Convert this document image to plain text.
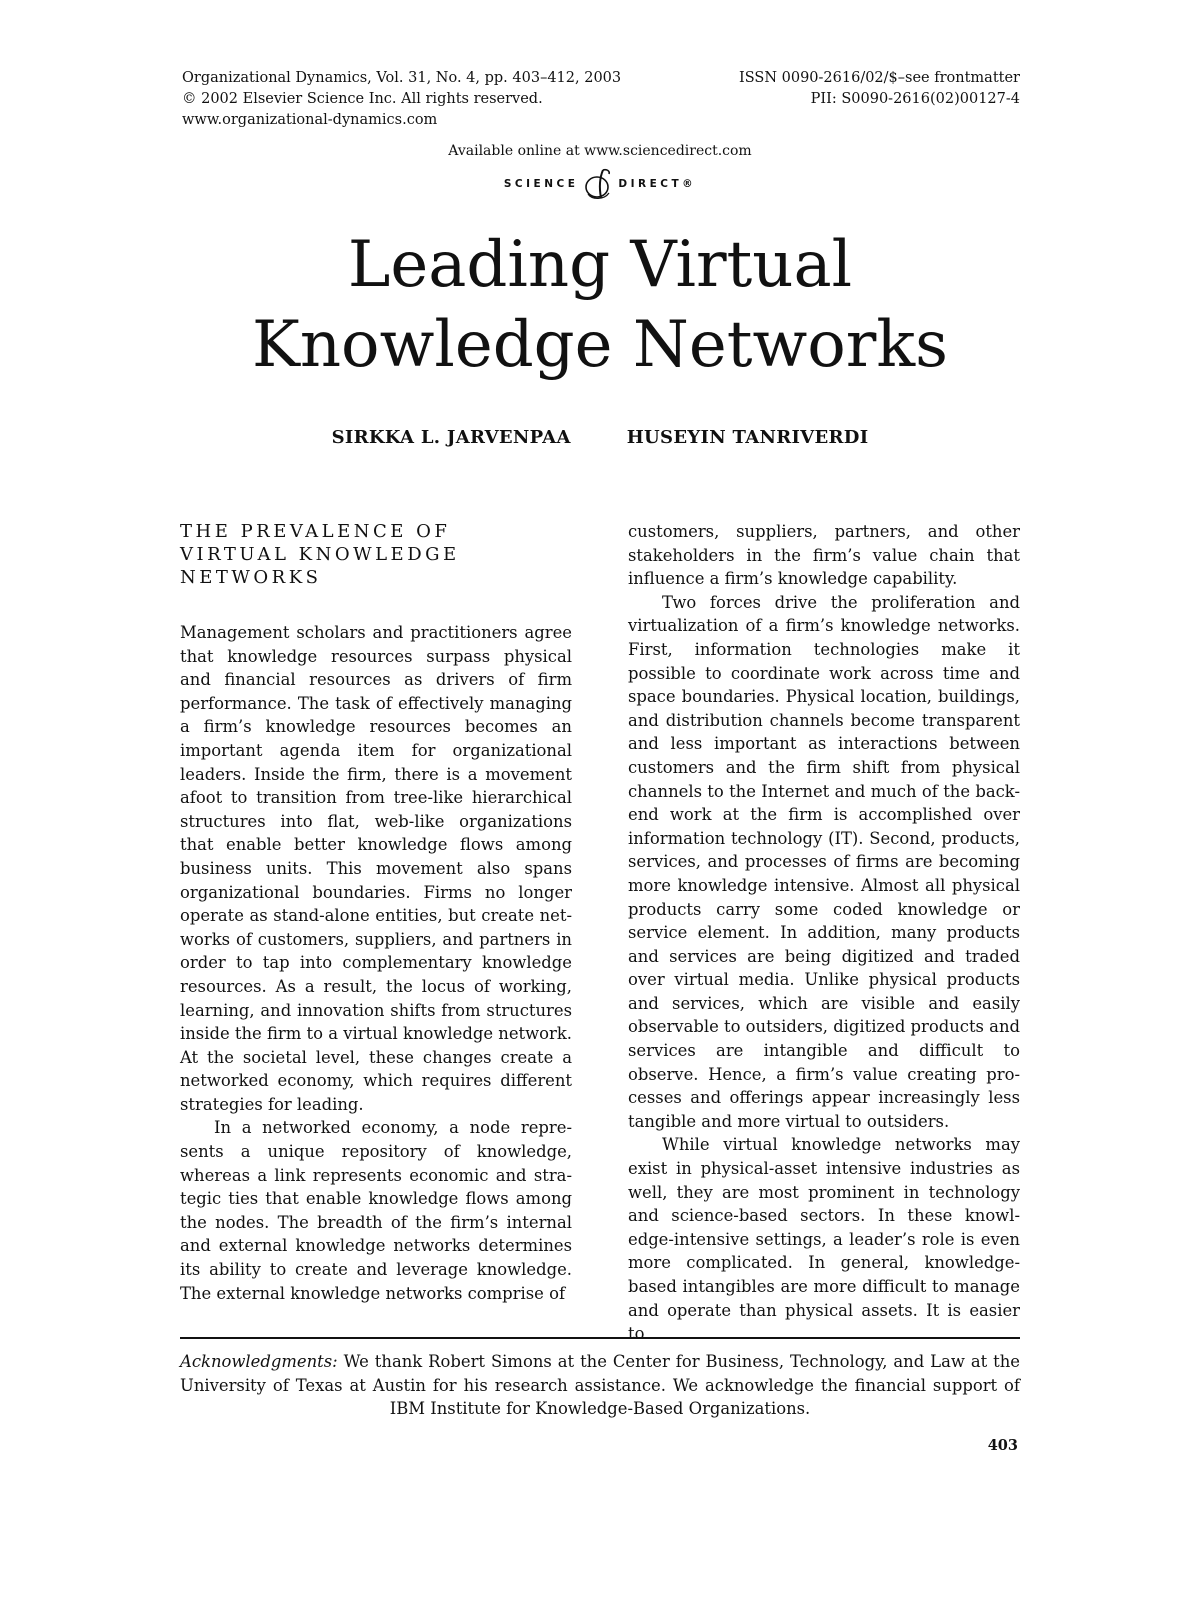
Organizational Dynamics, Vol. 31, No. 4, pp. 403–412, 2003
© 2002 Elsevier Science Inc. All rights reserved.
www.organizational-dynamics.com
ISSN 0090-2616/02/$–see frontmatter
PII: S0090-2616(02)00127-4
Available online at www.sciencedirect.com
SCIENCE	DIRECT®
Leading Virtual
Knowledge Networks
SIRKKA L. JARVENPAA	HUSEYIN TANRIVERDI
THE PREVALENCE OF VIRTUAL KNOWLEDGE NETWORKS

Management scholars and practitioners agree that knowledge resources surpass physical and financial resources as drivers of firm performance. The task of effectively managing a firm’s knowledge resources becomes an important agenda item for organizational leaders. Inside the firm, there is a movement afoot to transition from tree-like hierarchical structures into flat, web-like organizations that enable better knowledge flows among business units. This movement also spans organizational boundaries. Firms no longer operate as stand-alone entities, but create networks of customers, suppliers, and partners in order to tap into complementary knowledge resources. As a result, the locus of working, learning, and innovation shifts from structures inside the firm to a virtual knowledge network. At the societal level, these changes create a networked economy, which requires different strategies for leading.

In a networked economy, a node represents a unique repository of knowledge, whereas a link represents economic and strategic ties that enable knowledge flows among the nodes. The breadth of the firm’s internal and external knowledge networks determines its ability to create and leverage knowledge. The external knowledge networks comprise of

customers, suppliers, partners, and other stakeholders in the firm’s value chain that influence a firm’s knowledge capability.

Two forces drive the proliferation and virtualization of a firm’s knowledge networks. First, information technologies make it possible to coordinate work across time and space boundaries. Physical location, buildings, and distribution channels become transparent and less important as interactions between customers and the firm shift from physical channels to the Internet and much of the back-end work at the firm is accomplished over information technology (IT). Second, products, services, and processes of firms are becoming more knowledge intensive. Almost all physical products carry some coded knowledge or service element. In addition, many products and services are being digitized and traded over virtual media. Unlike physical products and services, which are visible and easily observable to outsiders, digitized products and services are intangible and difficult to observe. Hence, a firm’s value creating processes and offerings appear increasingly less tangible and more virtual to outsiders.

While virtual knowledge networks may exist in physical-asset intensive industries as well, they are most prominent in technology and science-based sectors. In these knowledge-intensive settings, a leader’s role is even more complicated. In general, knowledge-based intangibles are more difficult to manage and operate than physical assets. It is easier to

Acknowledgments: We thank Robert Simons at the Center for Business, Technology, and Law at the University of Texas at Austin for his research assistance. We acknowledge the financial support of IBM Institute for Knowledge-Based Organizations.
403
